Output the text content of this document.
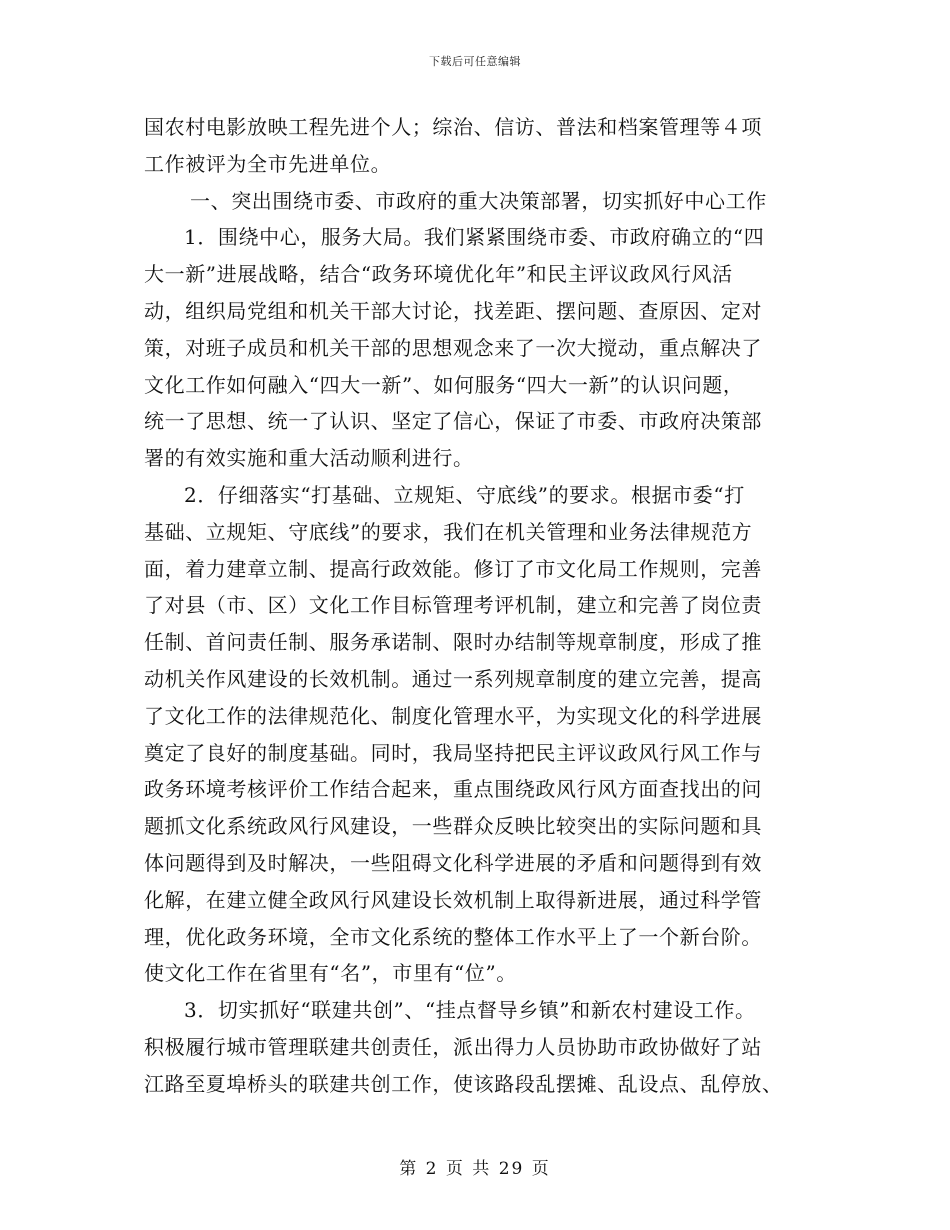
下载后可任意编辑
国农村电影放映工程先进个人；综治、信访、普法和档案管理等４项
工作被评为全市先进单位。
一、突出围绕市委、市政府的重大决策部署，切实抓好中心工作
1．围绕中心，服务大局。我们紧紧围绕市委、市政府确立的“四
大一新”进展战略，结合“政务环境优化年”和民主评议政风行风活
动，组织局党组和机关干部大讨论，找差距、摆问题、查原因、定对
策，对班子成员和机关干部的思想观念来了一次大搅动，重点解决了
文化工作如何融入“四大一新”、如何服务“四大一新”的认识问题，
统一了思想、统一了认识、坚定了信心，保证了市委、市政府决策部
署的有效实施和重大活动顺利进行。
2．仔细落实“打基础、立规矩、守底线”的要求。根据市委“打
基础、立规矩、守底线”的要求，我们在机关管理和业务法律规范方
面，着力建章立制、提高行政效能。修订了市文化局工作规则，完善
了对县（市、区）文化工作目标管理考评机制，建立和完善了岗位责
任制、首问责任制、服务承诺制、限时办结制等规章制度，形成了推
动机关作风建设的长效机制。通过一系列规章制度的建立完善，提高
了文化工作的法律规范化、制度化管理水平，为实现文化的科学进展
奠定了良好的制度基础。同时，我局坚持把民主评议政风行风工作与
政务环境考核评价工作结合起来，重点围绕政风行风方面查找出的问
题抓文化系统政风行风建设，一些群众反映比较突出的实际问题和具
体问题得到及时解决，一些阻碍文化科学进展的矛盾和问题得到有效
化解，在建立健全政风行风建设长效机制上取得新进展，通过科学管
理，优化政务环境，全市文化系统的整体工作水平上了一个新台阶。
使文化工作在省里有“名”，市里有“位”。
3．切实抓好“联建共创”、“挂点督导乡镇”和新农村建设工作。
积极履行城市管理联建共创责任，派出得力人员协助市政协做好了站
江路至夏埠桥头的联建共创工作，使该路段乱摆摊、乱设点、乱停放、
第 2 页 共 29 页
